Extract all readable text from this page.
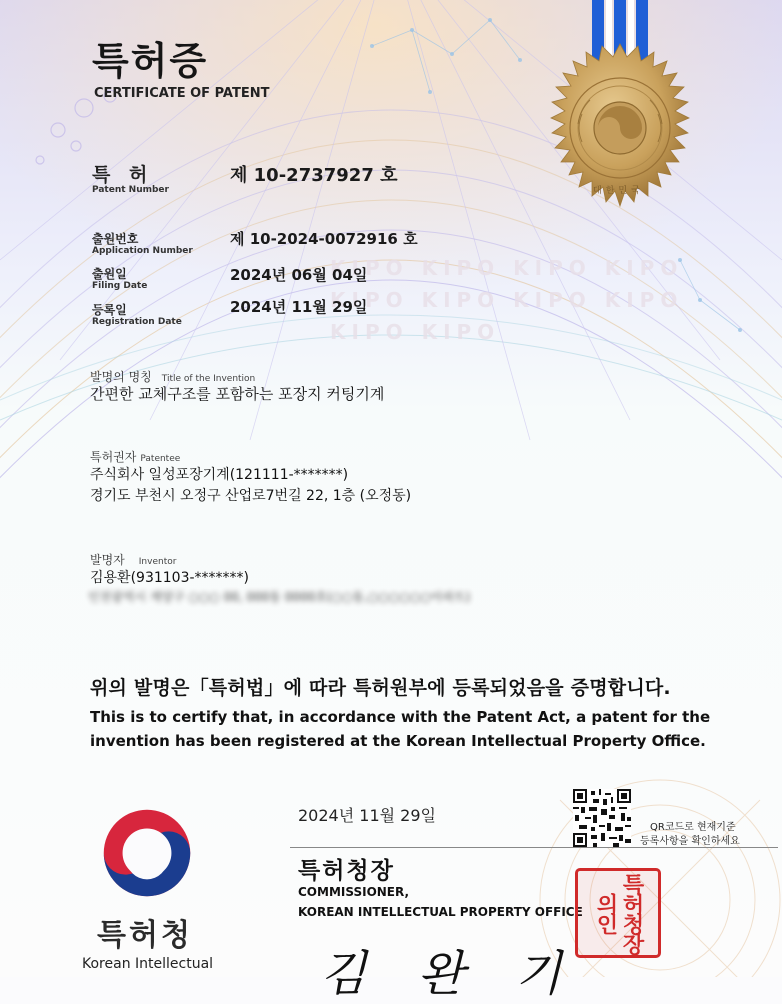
KIPO KIPO KIPO KIPO KIPO KIPO KIPO KIPO KIPO KIPO
대한민국
특허증
CERTIFICATE OF PATENT
특 허
Patent Number
제 10-2737927 호
출원번호
Application Number
제 10-2024-0072916 호
출원일
Filing Date
2024년 06월 04일
등록일
Registration Date
2024년 11월 29일
발명의 명칭 Title of the Invention
간편한 교체구조를 포함하는 포장지 커팅기계
특허권자 Patentee
주식회사 일성포장기계(121111-*******)
경기도 부천시 오정구 산업로7번길 22, 1층 (오정동)
발명자 Inventor
김용환(931103-*******)
인천광역시 계양구 ○○○ 00, 000동 0000호(○○동,○○○○○○아파트)
위의 발명은「특허법」에 따라 특허원부에 등록되었음을 증명합니다.
This is to certify that, in accordance with the Patent Act, a patent for the invention has been registered at the Korean Intellectual Property Office.
2024년 11월 29일
QR코드로 현재기준
등록사항을 확인하세요
특허청장
COMMISSIONER,
KOREAN INTELLECTUAL PROPERTY OFFICE	특허청장의인
김 완 기
특허청
Korean Intellectual
